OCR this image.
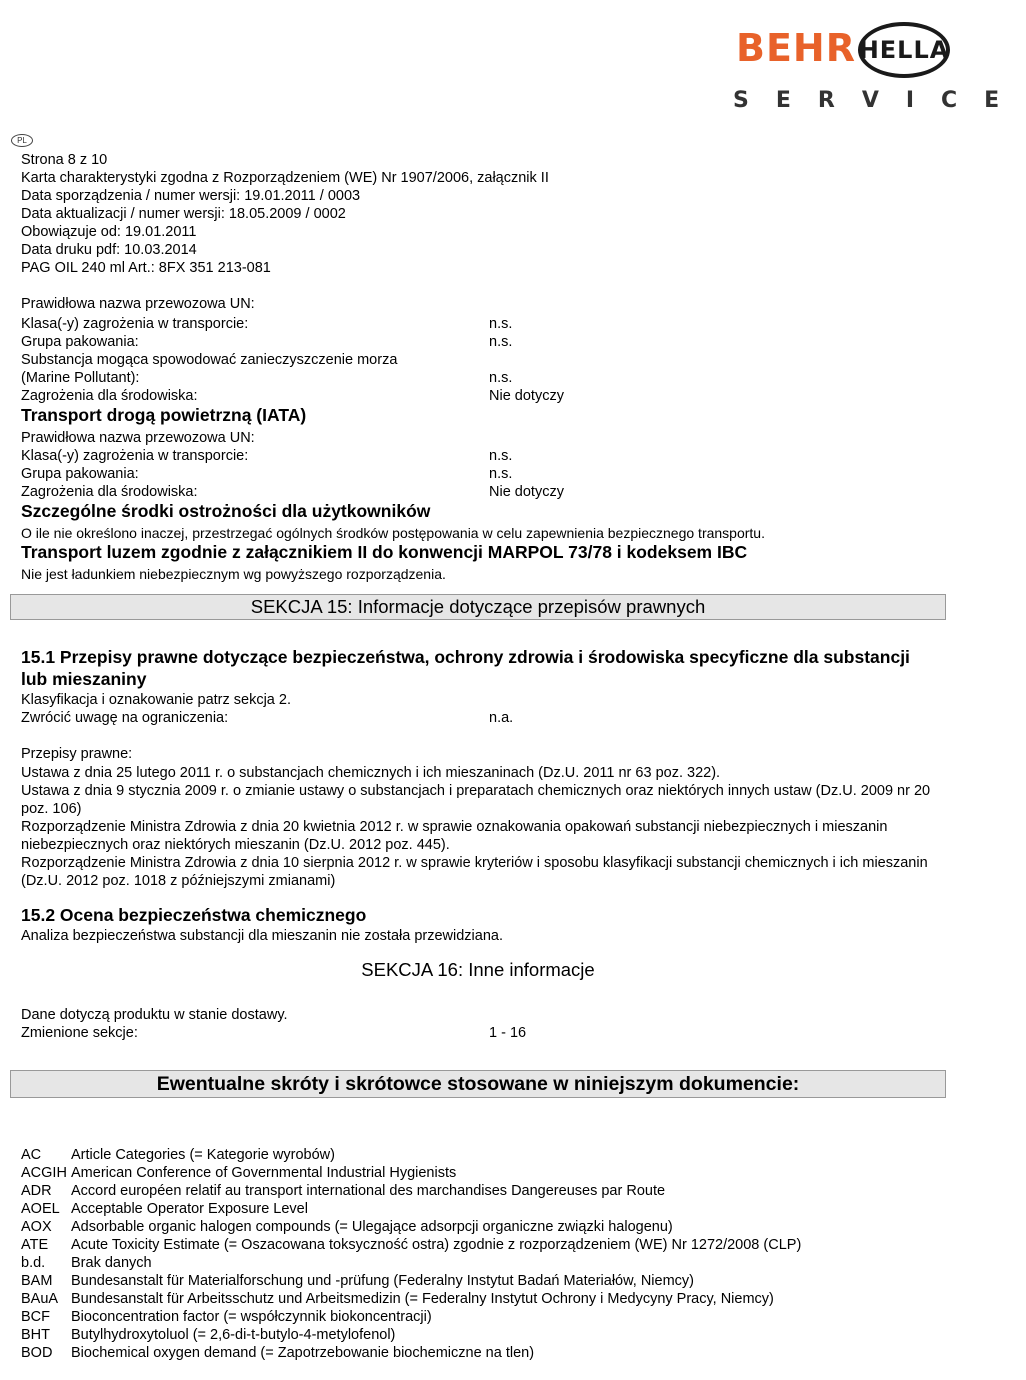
BEHR HELLA
SERVICE
PL
Strona 8 z 10
Karta charakterystyki zgodna z Rozporządzeniem (WE) Nr 1907/2006, załącznik II
Data sporządzenia / numer wersji: 19.01.2011 / 0003
Data aktualizacji / numer wersji: 18.05.2009 / 0002
Obowiązuje od: 19.01.2011
Data druku pdf: 10.03.2014
PAG OIL 240 ml Art.: 8FX 351 213-081
Prawidłowa nazwa przewozowa UN:
Klasa(-y) zagrożenia w transporcie:	n.s.
Grupa pakowania:	n.s.
Substancja mogąca spowodować zanieczyszczenie morza
(Marine Pollutant):	n.s.
Zagrożenia dla środowiska:	Nie dotyczy
Transport drogą powietrzną (IATA)
Prawidłowa nazwa przewozowa UN:
Klasa(-y) zagrożenia w transporcie:	n.s.
Grupa pakowania:	n.s.
Zagrożenia dla środowiska:	Nie dotyczy
Szczególne środki ostrożności dla użytkowników
O ile nie określono inaczej, przestrzegać ogólnych środków postępowania w celu zapewnienia bezpiecznego transportu.
Transport luzem zgodnie z załącznikiem II do konwencji MARPOL 73/78 i kodeksem IBC
Nie jest ładunkiem niebezpiecznym wg powyższego rozporządzenia.
SEKCJA 15: Informacje dotyczące przepisów prawnych
15.1 Przepisy prawne dotyczące bezpieczeństwa, ochrony zdrowia i środowiska specyficzne dla substancji lub mieszaniny
Klasyfikacja i oznakowanie patrz sekcja 2.
Zwrócić uwagę na ograniczenia:	n.a.
Przepisy prawne:
Ustawa z dnia 25 lutego 2011 r. o substancjach chemicznych i ich mieszaninach (Dz.U. 2011 nr 63 poz. 322).
Ustawa z dnia 9 stycznia 2009 r. o zmianie ustawy o substancjach i preparatach chemicznych oraz niektórych innych ustaw (Dz.U. 2009 nr 20 poz. 106)
Rozporządzenie Ministra Zdrowia z dnia 20 kwietnia 2012 r. w sprawie oznakowania opakowań substancji niebezpiecznych i mieszanin niebezpiecznych oraz niektórych mieszanin (Dz.U. 2012 poz. 445).
Rozporządzenie Ministra Zdrowia z dnia 10 sierpnia 2012 r. w sprawie kryteriów i sposobu klasyfikacji substancji chemicznych i ich mieszanin (Dz.U. 2012 poz. 1018 z późniejszymi zmianami)
15.2 Ocena bezpieczeństwa chemicznego
Analiza bezpieczeństwa substancji dla mieszanin nie została przewidziana.
SEKCJA 16: Inne informacje
Dane dotyczą produktu w stanie dostawy.
Zmienione sekcje:	1 - 16
Ewentualne skróty i skrótowce stosowane w niniejszym dokumencie:
AC Article Categories (= Kategorie wyrobów)
ACGIH American Conference of Governmental Industrial Hygienists
ADR Accord européen relatif au transport international des marchandises Dangereuses par Route
AOEL Acceptable Operator Exposure Level
AOX Adsorbable organic halogen compounds (= Ulegające adsorpcji organiczne związki halogenu)
ATE Acute Toxicity Estimate (= Oszacowana toksyczność ostra) zgodnie z rozporządzeniem (WE) Nr 1272/2008 (CLP)
b.d. Brak danych
BAM Bundesanstalt für Materialforschung und -prüfung (Federalny Instytut Badań Materiałów, Niemcy)
BAuA Bundesanstalt für Arbeitsschutz und Arbeitsmedizin (= Federalny Instytut Ochrony i Medycyny Pracy, Niemcy)
BCF Bioconcentration factor (= współczynnik biokoncentracji)
BHT Butylhydroxytoluol (= 2,6-di-t-butylo-4-metylofenol)
BOD Biochemical oxygen demand (= Zapotrzebowanie biochemiczne na tlen)
